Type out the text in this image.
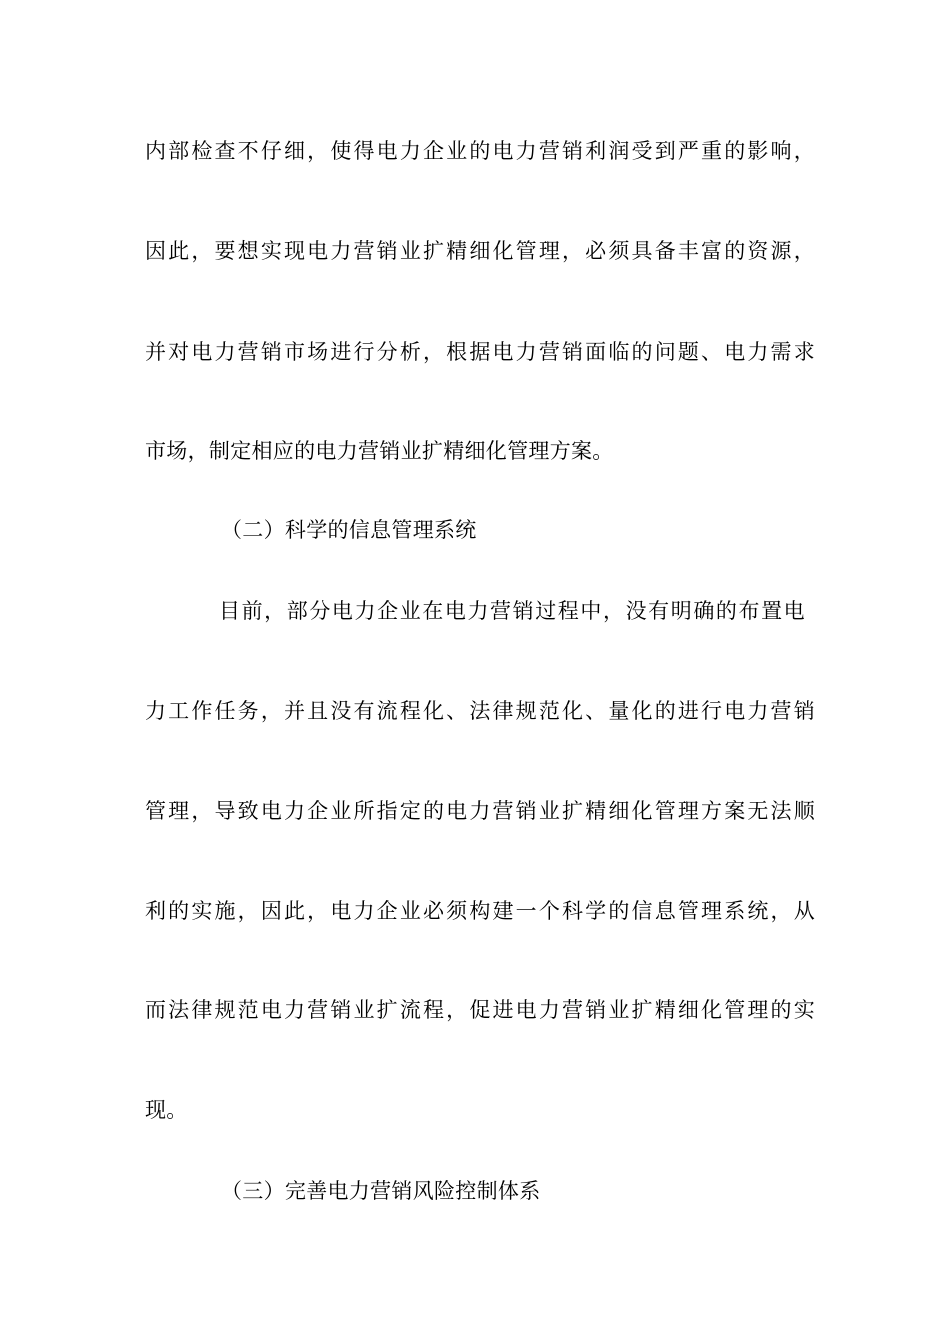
内部检查不仔细，使得电力企业的电力营销利润受到严重的影响，
因此，要想实现电力营销业扩精细化管理，必须具备丰富的资源，
并对电力营销市场进行分析，根据电力营销面临的问题、电力需求
市场，制定相应的电力营销业扩精细化管理方案。
（二）科学的信息管理系统
目前，部分电力企业在电力营销过程中，没有明确的布置电
力工作任务，并且没有流程化、法律规范化、量化的进行电力营销
管理，导致电力企业所指定的电力营销业扩精细化管理方案无法顺
利的实施，因此，电力企业必须构建一个科学的信息管理系统，从
而法律规范电力营销业扩流程，促进电力营销业扩精细化管理的实
现。
（三）完善电力营销风险控制体系
